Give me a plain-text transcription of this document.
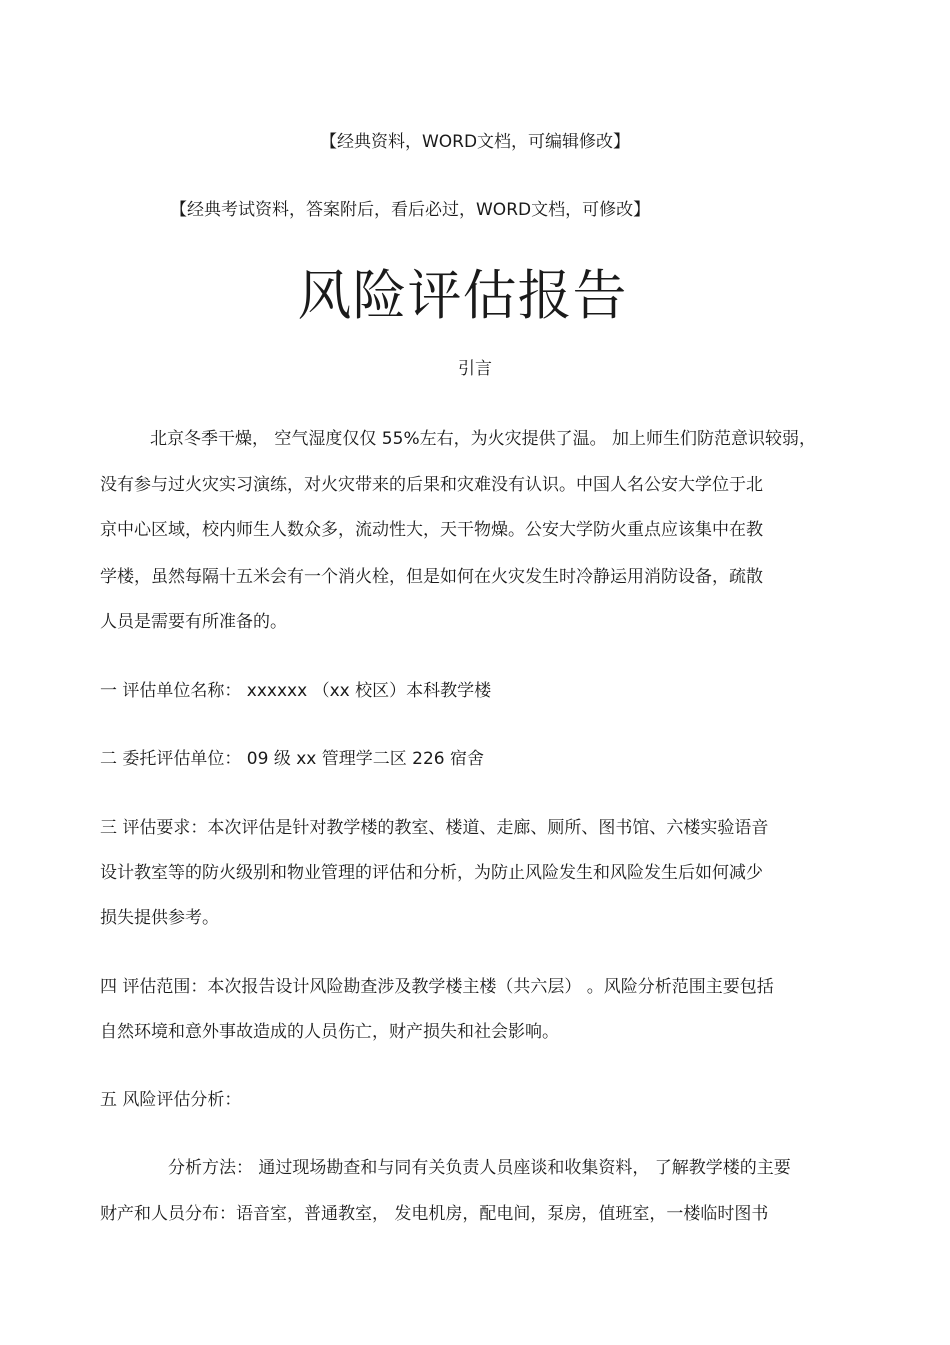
【经典资料，WORD文档，可编辑修改】
【经典考试资料，答案附后，看后必过，WORD文档，可修改】
风险评估报告
引言
北京冬季干燥， 空气湿度仅仅 55%左右，为火灾提供了温。 加上师生们防范意识较弱，
没有参与过火灾实习演练，对火灾带来的后果和灾难没有认识。中国人名公安大学位于北
京中心区域，校内师生人数众多，流动性大，天干物燥。公安大学防火重点应该集中在教
学楼，虽然每隔十五米会有一个消火栓，但是如何在火灾发生时冷静运用消防设备，疏散
人员是需要有所准备的。
一 评估单位名称： xxxxxx （xx 校区）本科教学楼
二 委托评估单位： 09 级 xx 管理学二区 226 宿舍
三 评估要求：本次评估是针对教学楼的教室、楼道、走廊、厕所、图书馆、六楼实验语音
设计教室等的防火级别和物业管理的评估和分析，为防止风险发生和风险发生后如何减少
损失提供参考。
四 评估范围：本次报告设计风险勘查涉及教学楼主楼（共六层） 。风险分析范围主要包括
自然环境和意外事故造成的人员伤亡，财产损失和社会影响。
五 风险评估分析：
分析方法： 通过现场勘查和与同有关负责人员座谈和收集资料， 了解教学楼的主要
财产和人员分布：语音室，普通教室， 发电机房，配电间，泵房，值班室，一楼临时图书
